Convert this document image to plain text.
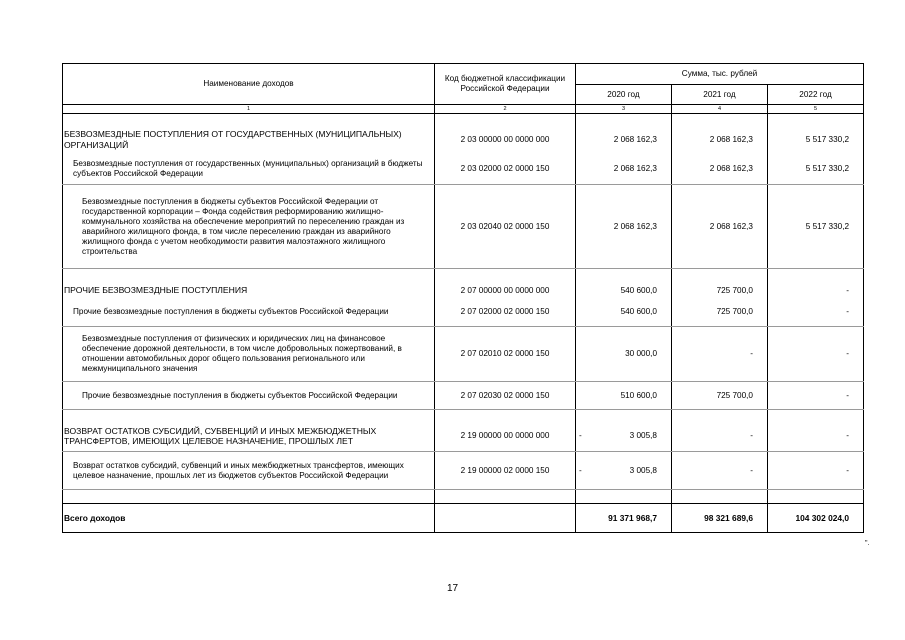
Наименование доходов	Код бюджетной классификации Российской Федерации	Сумма, тыс. рублей		
		2020 год	2021 год	2022 год
1	2	3	4	5

БЕЗВОЗМЕЗДНЫЕ ПОСТУПЛЕНИЯ ОТ ГОСУДАРСТВЕННЫХ (МУНИЦИПАЛЬНЫХ) ОРГАНИЗАЦИЙ	2 03 00000 00 0000 000	2 068 162,3	2 068 162,3	5 517 330,2
Безвозмездные поступления от государственных (муниципальных) организаций в бюджеты субъектов Российской Федерации	2 03 02000 02 0000 150	2 068 162,3	2 068 162,3	5 517 330,2
Безвозмездные поступления в бюджеты субъектов Российской Федерации от государственной корпорации – Фонда содействия реформированию жилищно-коммунального хозяйства на обеспечение мероприятий по переселению граждан из аварийного жилищного фонда, в том числе переселению граждан из аварийного жилищного фонда с учетом необходимости развития малоэтажного жилищного строительства	2 03 02040 02 0000 150	2 068 162,3	2 068 162,3	5 517 330,2

ПРОЧИЕ БЕЗВОЗМЕЗДНЫЕ ПОСТУПЛЕНИЯ	2 07 00000 00 0000 000	540 600,0	725 700,0	-
Прочие безвозмездные поступления в бюджеты субъектов Российской Федерации	2 07 02000 02 0000 150	540 600,0	725 700,0	-
Безвозмездные поступления от физических и юридических лиц на финансовое обеспечение дорожной деятельности, в том числе добровольных пожертвований, в отношении автомобильных дорог общего пользования регионального или межмуниципального значения	2 07 02010 02 0000 150	30 000,0	-	-
Прочие безвозмездные поступления в бюджеты субъектов Российской Федерации	2 07 02030 02 0000 150	510 600,0	725 700,0	-

ВОЗВРАТ ОСТАТКОВ СУБСИДИЙ, СУБВЕНЦИЙ И ИНЫХ МЕЖБЮДЖЕТНЫХ ТРАНСФЕРТОВ, ИМЕЮЩИХ ЦЕЛЕВОЕ НАЗНАЧЕНИЕ, ПРОШЛЫХ ЛЕТ	2 19 00000 00 0000 000	- 3 005,8	-	-
Возврат остатков субсидий, субвенций и иных межбюджетных трансфертов, имеющих целевое назначение, прошлых лет из бюджетов субъектов Российской Федерации	2 19 00000 02 0000 150	- 3 005,8	-	-

Всего доходов		91 371 968,7	98 321 689,6	104 302 024,0
".
17
